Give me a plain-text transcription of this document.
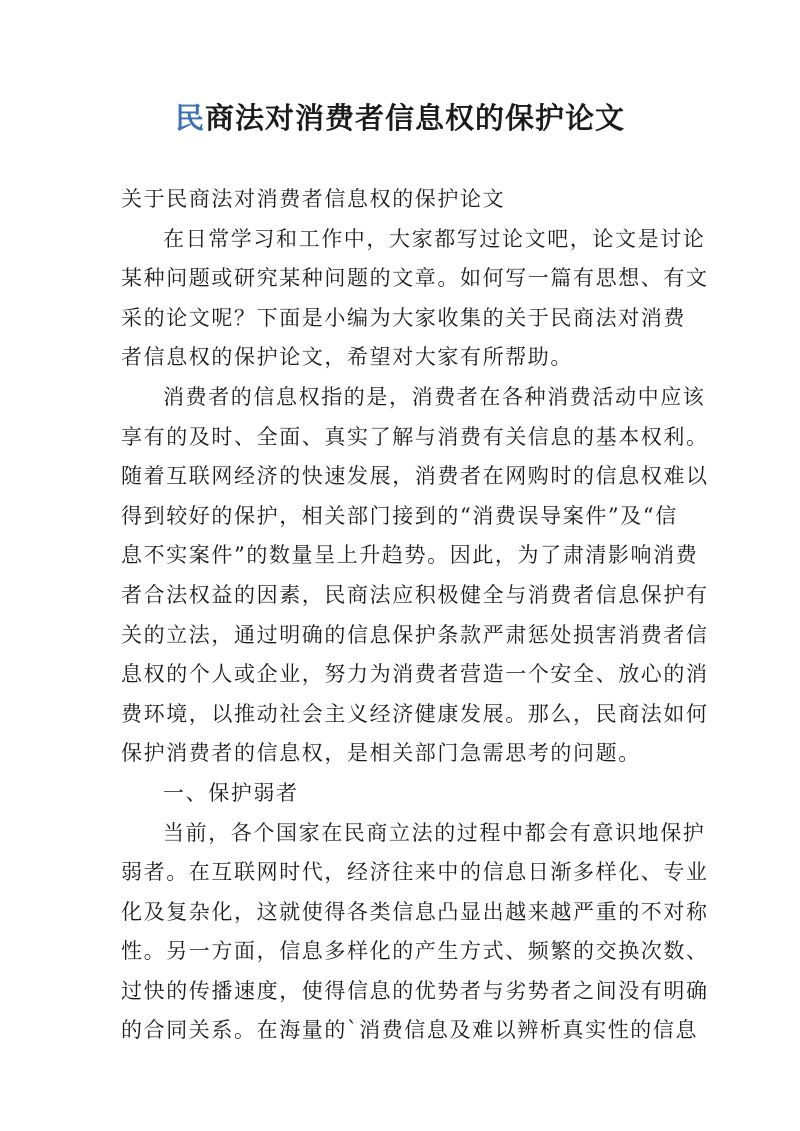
民商法对消费者信息权的保护论文
关于民商法对消费者信息权的保护论文
在日常学习和工作中，大家都写过论文吧，论文是讨论
某种问题或研究某种问题的文章。如何写一篇有思想、有文
采的论文呢？下面是小编为大家收集的关于民商法对消费
者信息权的保护论文，希望对大家有所帮助。
消费者的信息权指的是，消费者在各种消费活动中应该
享有的及时、全面、真实了解与消费有关信息的基本权利。
随着互联网经济的快速发展，消费者在网购时的信息权难以
得到较好的保护，相关部门接到的“消费误导案件”及“信
息不实案件”的数量呈上升趋势。因此，为了肃清影响消费
者合法权益的因素，民商法应积极健全与消费者信息保护有
关的立法，通过明确的信息保护条款严肃惩处损害消费者信
息权的个人或企业，努力为消费者营造一个安全、放心的消
费环境，以推动社会主义经济健康发展。那么，民商法如何
保护消费者的信息权，是相关部门急需思考的问题。
一、保护弱者
当前，各个国家在民商立法的过程中都会有意识地保护
弱者。在互联网时代，经济往来中的信息日渐多样化、专业
化及复杂化，这就使得各类信息凸显出越来越严重的不对称
性。另一方面，信息多样化的产生方式、频繁的交换次数、
过快的传播速度，使得信息的优势者与劣势者之间没有明确
的合同关系。在海量的`消费信息及难以辨析真实性的信息
